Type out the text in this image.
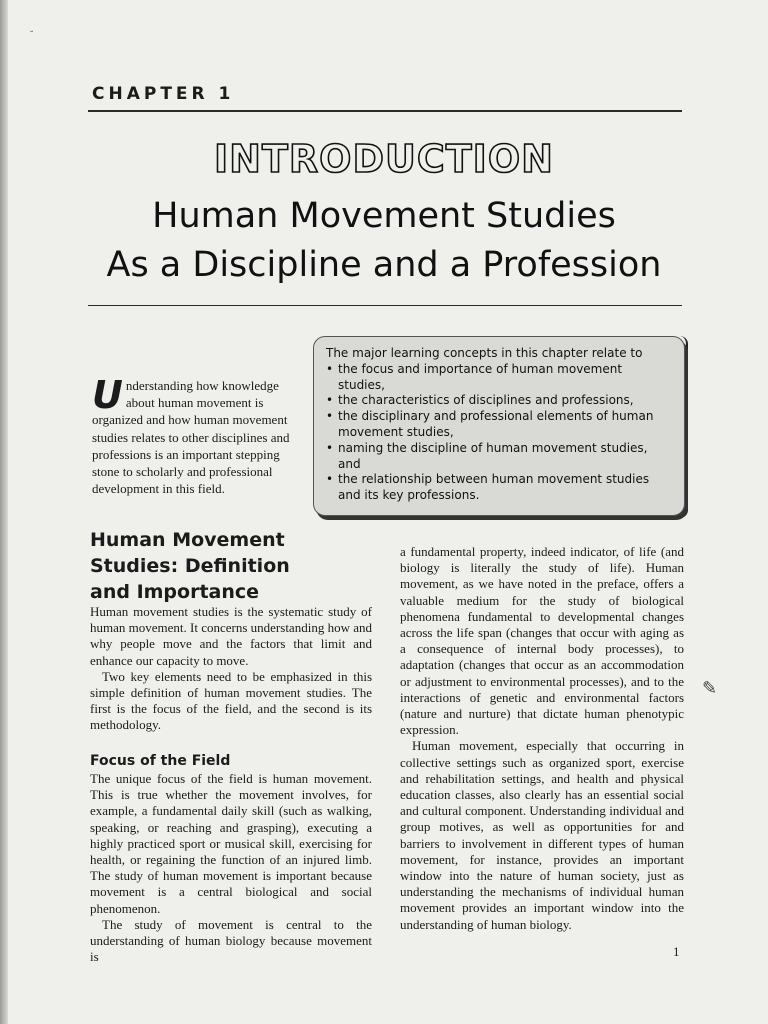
˘
CHAPTER 1
INTRODUCTION
Human Movement Studies
As a Discipline and a Profession
The major learning concepts in this chapter relate to
• the focus and importance of human movement studies,
• the characteristics of disciplines and professions,
• the disciplinary and professional elements of human movement studies,
• naming the discipline of human movement studies, and
• the relationship between human movement studies and its key professions.
Understanding how knowledge about human movement is organized and how human movement studies relates to other disciplines and professions is an important stepping stone to scholarly and professional development in this field.
Human Movement Studies: Definition and Importance

Human movement studies is the systematic study of human movement. It concerns understanding how and why people move and the factors that limit and enhance our capacity to move.

Two key elements need to be emphasized in this simple definition of human movement studies. The first is the focus of the field, and the second is its methodology.

Focus of the Field

The unique focus of the field is human movement. This is true whether the movement involves, for example, a fundamental daily skill (such as walking, speaking, or reaching and grasping), executing a highly practiced sport or musical skill, exercising for health, or regaining the function of an injured limb. The study of human movement is important because movement is a central biological and social phenomenon.

The study of movement is central to the understanding of human biology because movement is

a fundamental property, indeed indicator, of life (and biology is literally the study of life). Human movement, as we have noted in the preface, offers a valuable medium for the study of biological phenomena fundamental to developmental changes across the life span (changes that occur with aging as a consequence of internal body processes), to adaptation (changes that occur as an accommodation or adjustment to environmental processes), and to the interactions of genetic and environmental factors (nature and nurture) that dictate human phenotypic expression.

Human movement, especially that occurring in collective settings such as organized sport, exercise and rehabilitation settings, and health and physical education classes, also clearly has an essential social and cultural component. Understanding individual and group motives, as well as opportunities for and barriers to involvement in different types of human movement, for instance, provides an important window into the nature of human society, just as understanding the mechanisms of individual human movement provides an important window into the understanding of human biology.

✎
1
